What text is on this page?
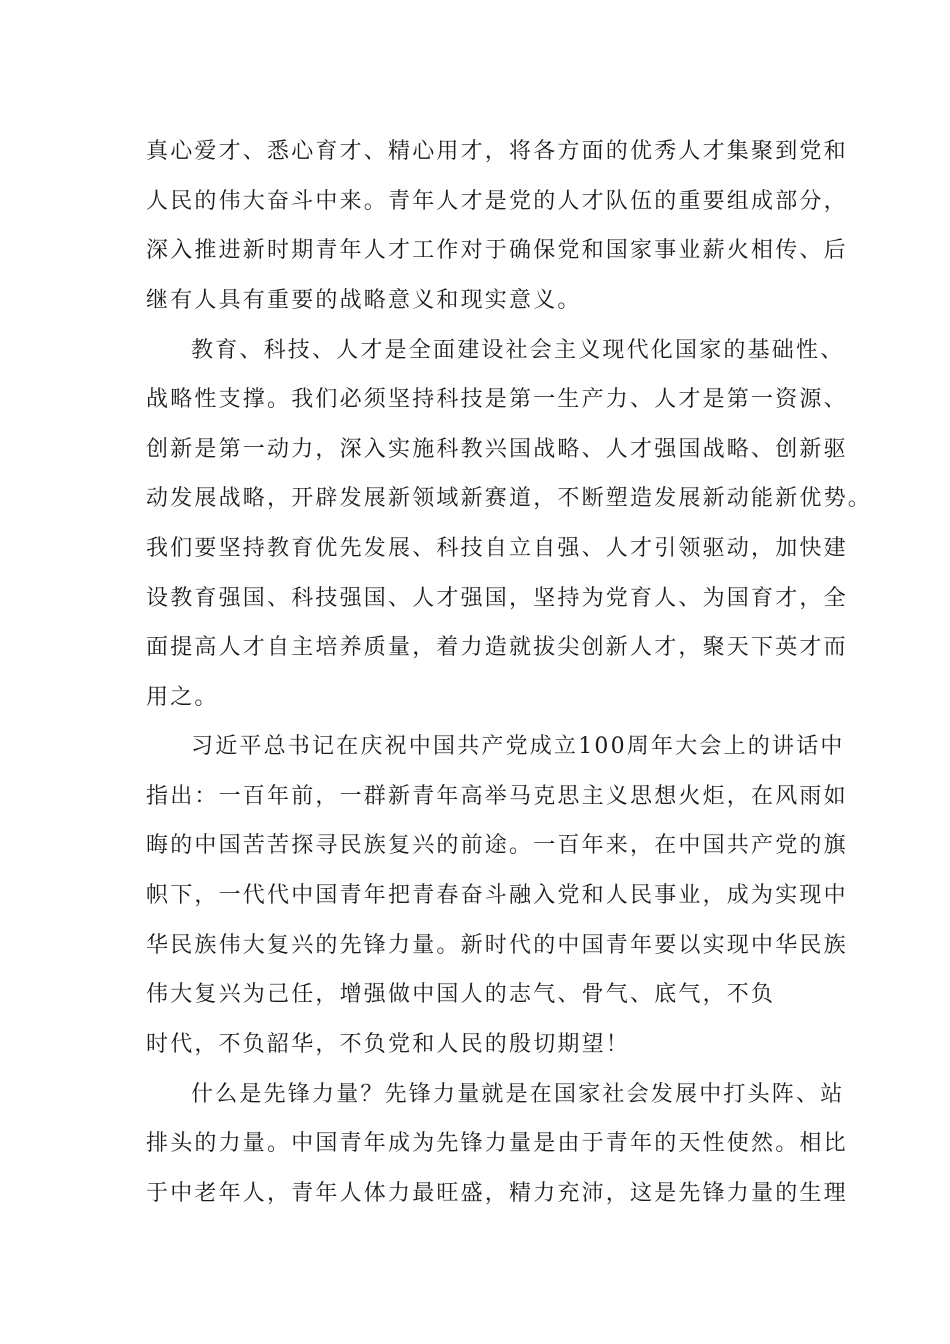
真心爱才、悉心育才、精心用才，将各方面的优秀人才集聚到党和
人民的伟大奋斗中来。青年人才是党的人才队伍的重要组成部分，
深入推进新时期青年人才工作对于确保党和国家事业薪火相传、后
继有人具有重要的战略意义和现实意义。
教育、科技、人才是全面建设社会主义现代化国家的基础性、
战略性支撑。我们必须坚持科技是第一生产力、人才是第一资源、
创新是第一动力，深入实施科教兴国战略、人才强国战略、创新驱
动发展战略，开辟发展新领域新赛道，不断塑造发展新动能新优势。
我们要坚持教育优先发展、科技自立自强、人才引领驱动，加快建
设教育强国、科技强国、人才强国，坚持为党育人、为国育才，全
面提高人才自主培养质量，着力造就拔尖创新人才，聚天下英才而
用之。
习近平总书记在庆祝中国共产党成立100周年大会上的讲话中
指出：一百年前，一群新青年高举马克思主义思想火炬，在风雨如
晦的中国苦苦探寻民族复兴的前途。一百年来，在中国共产党的旗
帜下，一代代中国青年把青春奋斗融入党和人民事业，成为实现中
华民族伟大复兴的先锋力量。新时代的中国青年要以实现中华民族
伟大复兴为己任，增强做中国人的志气、骨气、底气，不负
时代，不负韶华，不负党和人民的殷切期望！
什么是先锋力量？先锋力量就是在国家社会发展中打头阵、站
排头的力量。中国青年成为先锋力量是由于青年的天性使然。相比
于中老年人，青年人体力最旺盛，精力充沛，这是先锋力量的生理
